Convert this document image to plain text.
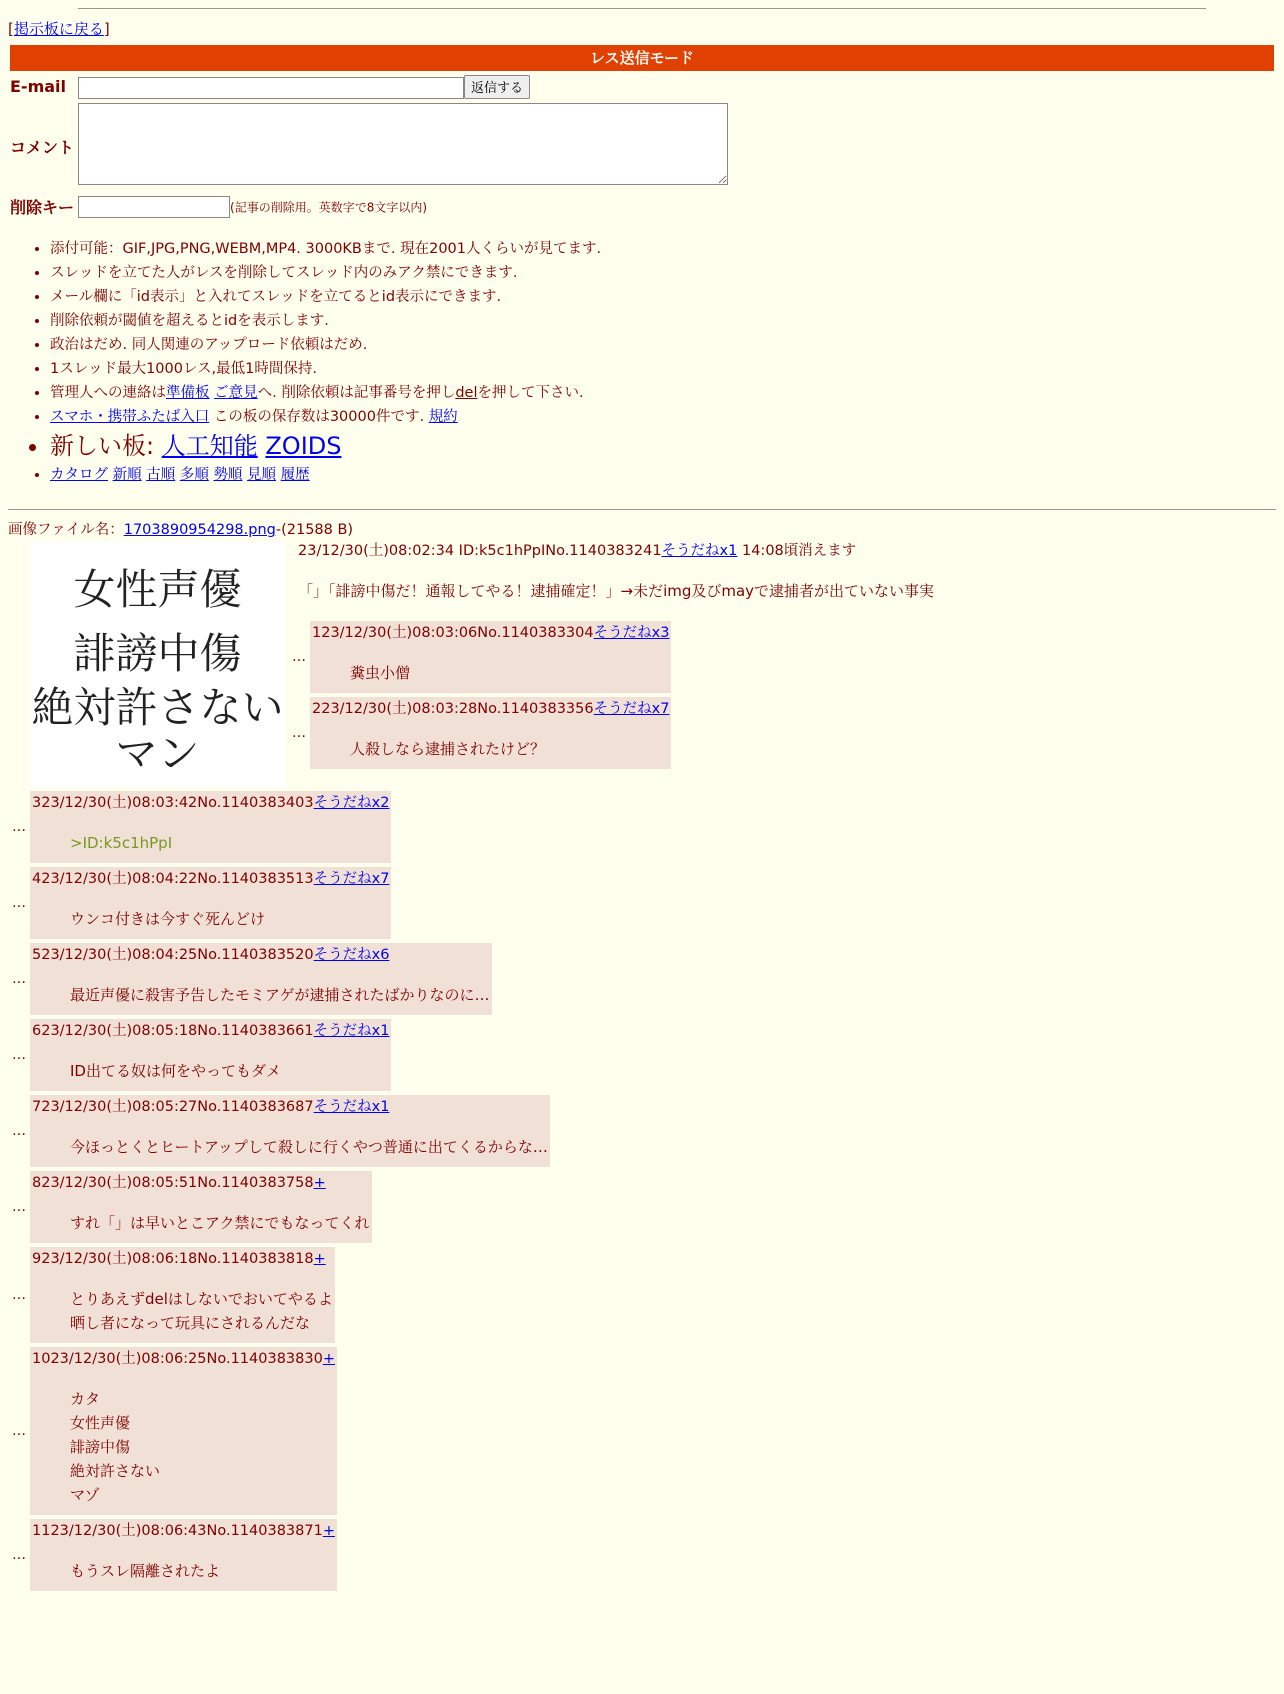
[掲示板に戻る]
レス送信モード
E-mail	返信する
コメント	
削除キー	(記事の削除用。英数字で8文字以内)
• 添付可能：GIF,JPG,PNG,WEBM,MP4. 3000KBまで. 現在2001人くらいが見てます.
• スレッドを立てた人がレスを削除してスレッド内のみアク禁にできます.
• メール欄に「id表示」と入れてスレッドを立てるとid表示にできます.
• 削除依頼が閾値を超えるとidを表示します.
• 政治はだめ. 同人関連のアップロード依頼はだめ.
• 1スレッド最大1000レス,最低1時間保持.
• 管理人への連絡は準備板 ご意見へ. 削除依頼は記事番号を押しdelを押して下さい.
• スマホ・携帯ふたば入口 この板の保存数は30000件です. 規約
• 新しい板: 人工知能 ZOIDS
• カタログ 新順 古順 多順 勢順 見順 履歴
画像ファイル名：1703890954298.png-(21588 B)
女性声優
誹謗中傷
絶対許さない
マン
23/12/30(土)08:02:34 ID:k5c1hPpINo.1140383241そうだねx1 14:08頃消えます
「」「誹謗中傷だ！通報してやる！逮捕確定！」→未だimg及びmayで逮捕者が出ていない事実
…
123/12/30(土)08:03:06No.1140383304そうだねx3
糞虫小僧
…
223/12/30(土)08:03:28No.1140383356そうだねx7
人殺しなら逮捕されたけど？
…
323/12/30(土)08:03:42No.1140383403そうだねx2
>ID:k5c1hPpI
…
423/12/30(土)08:04:22No.1140383513そうだねx7
ウンコ付きは今すぐ死んどけ
…
523/12/30(土)08:04:25No.1140383520そうだねx6
最近声優に殺害予告したモミアゲが逮捕されたばかりなのに…
…
623/12/30(土)08:05:18No.1140383661そうだねx1
ID出てる奴は何をやってもダメ
…
723/12/30(土)08:05:27No.1140383687そうだねx1
今ほっとくとヒートアップして殺しに行くやつ普通に出てくるからな…
…
823/12/30(土)08:05:51No.1140383758+
すれ「」は早いとこアク禁にでもなってくれ
…
923/12/30(土)08:06:18No.1140383818+
とりあえずdelはしないでおいてやるよ
晒し者になって玩具にされるんだな
…
1023/12/30(土)08:06:25No.1140383830+
カタ
女性声優
誹謗中傷
絶対許さない
マゾ
…
1123/12/30(土)08:06:43No.1140383871+
もうスレ隔離されたよ
